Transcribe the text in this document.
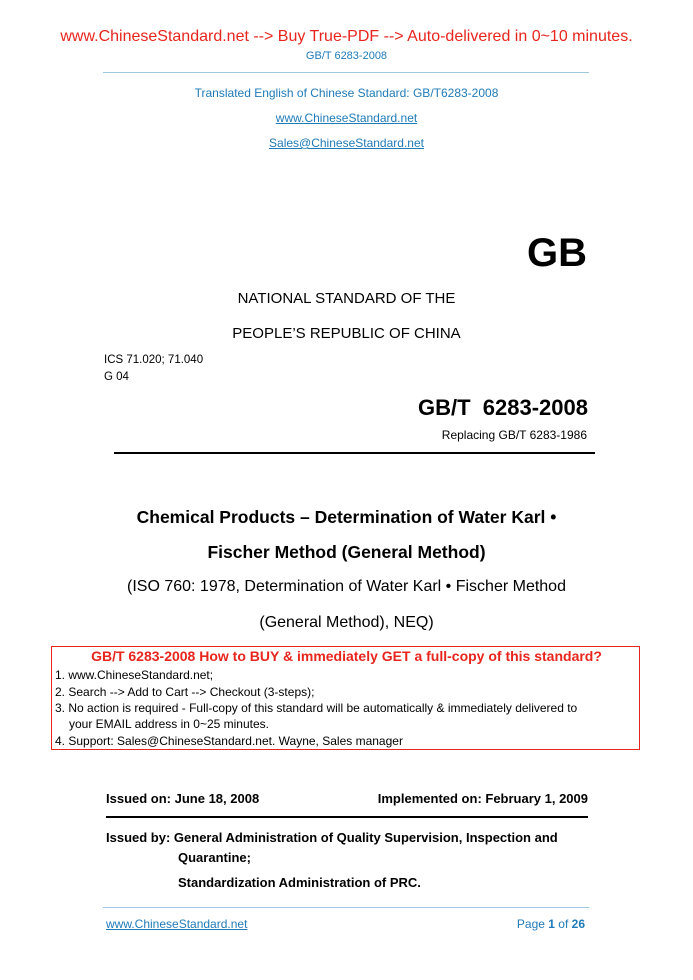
www.ChineseStandard.net --> Buy True-PDF --> Auto-delivered in 0~10 minutes.
GB/T 6283-2008
Translated English of Chinese Standard: GB/T6283-2008
www.ChineseStandard.net
Sales@ChineseStandard.net
GB
NATIONAL STANDARD OF THE
PEOPLE’S REPUBLIC OF CHINA
ICS 71.020; 71.040
G 04
GB/T  6283-2008
Replacing GB/T 6283-1986
Chemical Products – Determination of Water Karl •
Fischer Method (General Method)
(ISO 760: 1978, Determination of Water Karl • Fischer Method
(General Method), NEQ)
GB/T 6283-2008 How to BUY & immediately GET a full-copy of this standard?
1. www.ChineseStandard.net;
2. Search --> Add to Cart --> Checkout (3-steps);
3. No action is required - Full-copy of this standard will be automatically & immediately delivered to
your EMAIL address in 0~25 minutes.
4. Support: Sales@ChineseStandard.net. Wayne, Sales manager
Issued on: June 18, 2008	Implemented on: February 1, 2009
Issued by: General Administration of Quality Supervision, Inspection and
Quarantine;
Standardization Administration of PRC.
www.ChineseStandard.net	Page 1 of 26
